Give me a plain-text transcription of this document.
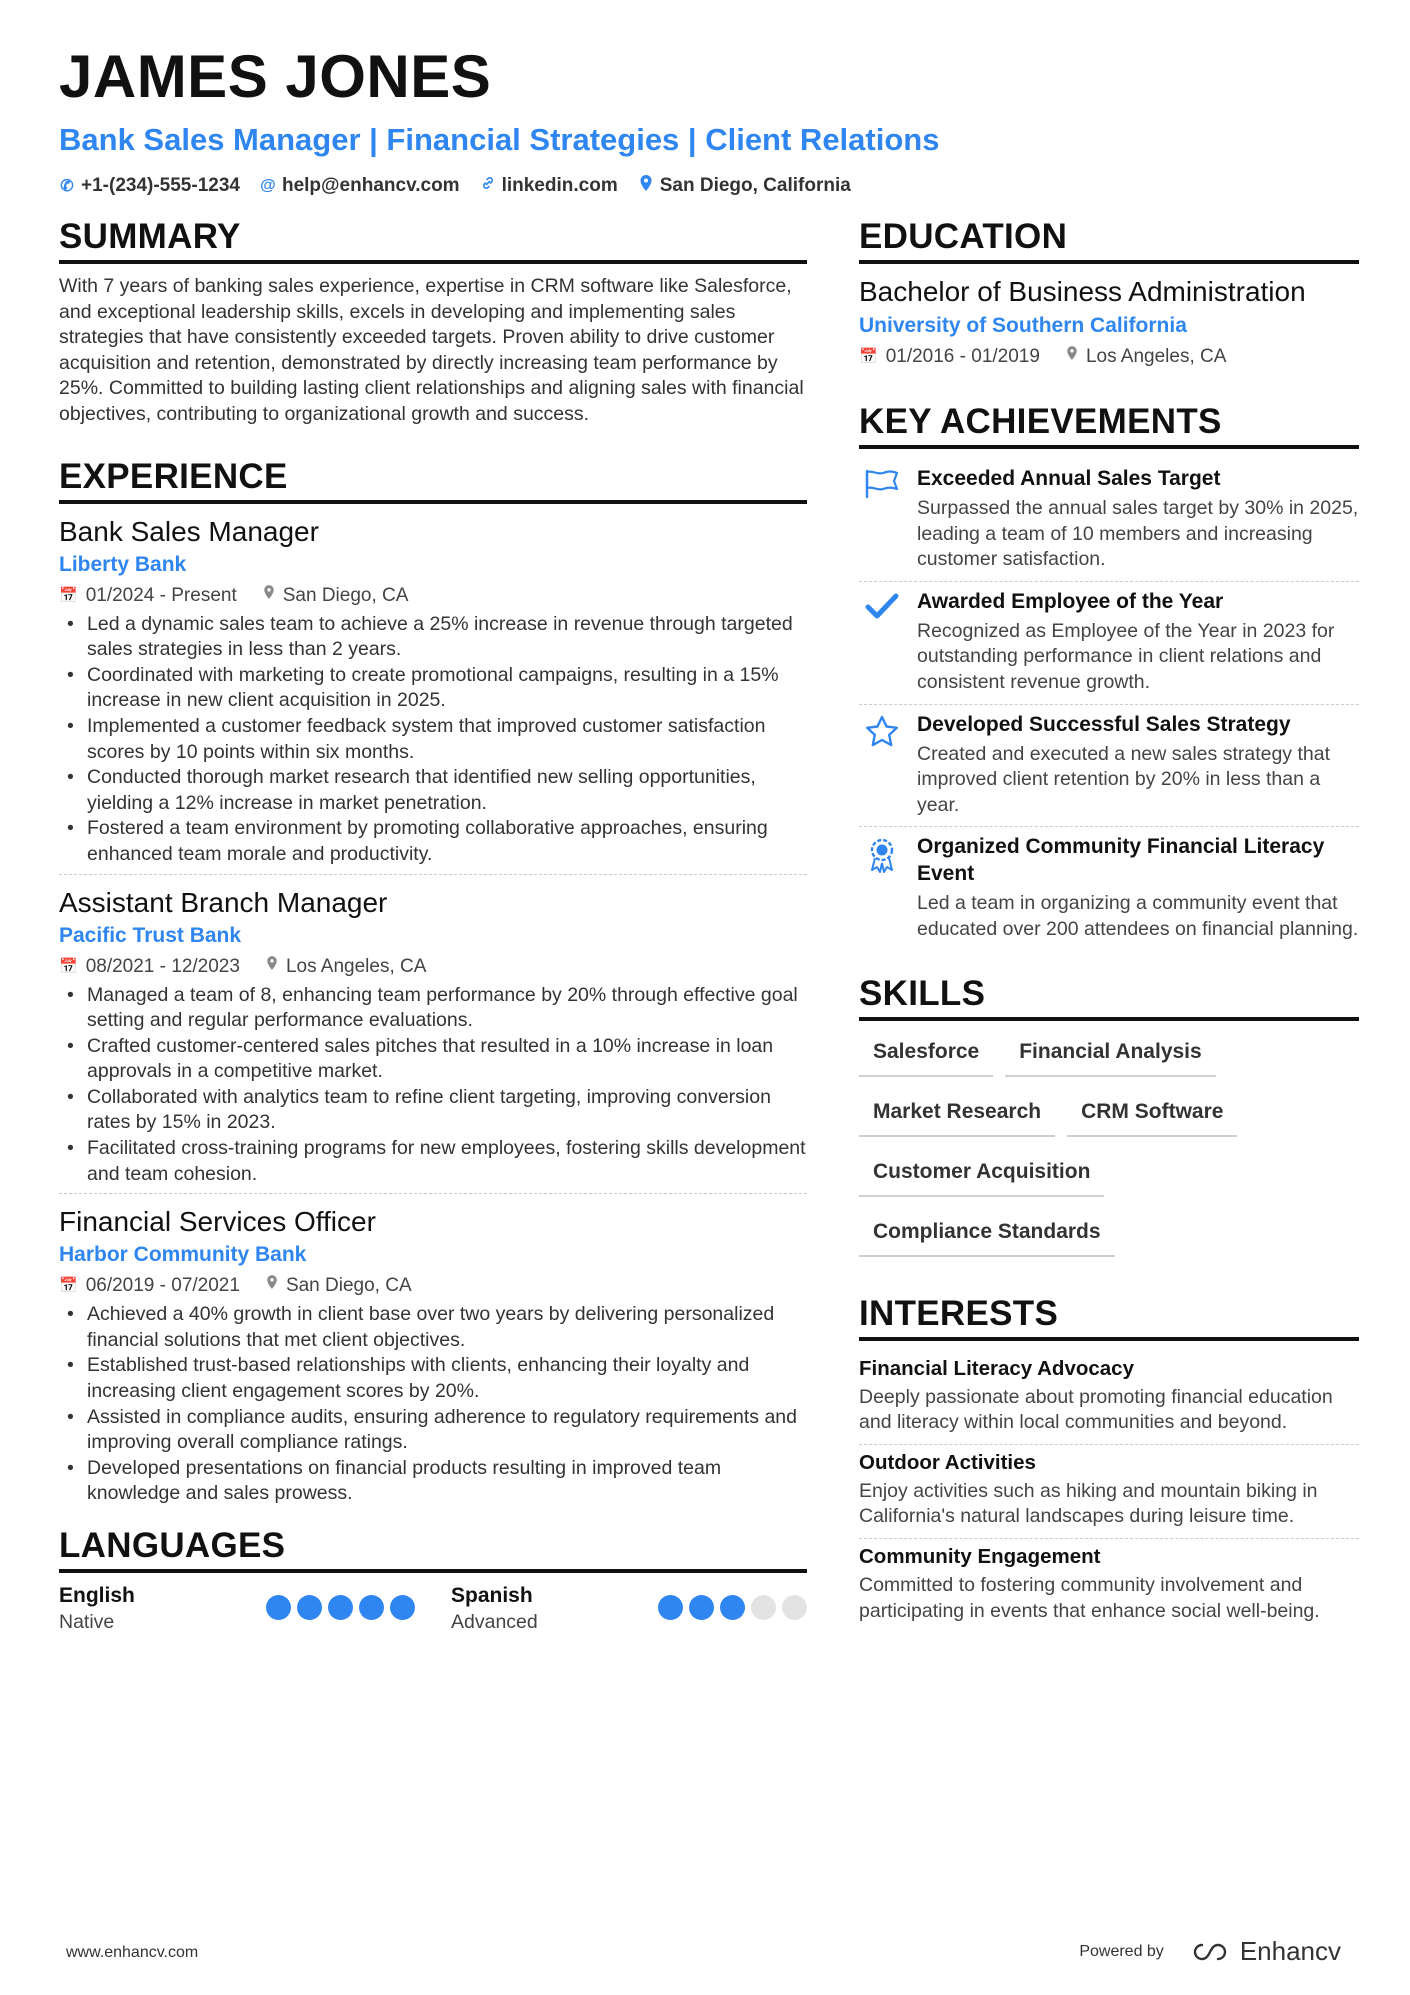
JAMES JONES
Bank Sales Manager | Financial Strategies | Client Relations
✆ +1-(234)-555-1234 @ help@enhancv.com linkedin.com San Diego, California
SUMMARY

With 7 years of banking sales experience, expertise in CRM software like Salesforce, and exceptional leadership skills, excels in developing and implementing sales strategies that have consistently exceeded targets. Proven ability to drive customer acquisition and retention, demonstrated by directly increasing team performance by 25%. Committed to building lasting client relationships and aligning sales with financial objectives, contributing to organizational growth and success.

EXPERIENCE
Bank Sales Manager
Liberty Bank
📅 01/2024 - Present San Diego, CA
• Led a dynamic sales team to achieve a 25% increase in revenue through targeted sales strategies in less than 2 years.
• Coordinated with marketing to create promotional campaigns, resulting in a 15% increase in new client acquisition in 2025.
• Implemented a customer feedback system that improved customer satisfaction scores by 10 points within six months.
• Conducted thorough market research that identified new selling opportunities, yielding a 12% increase in market penetration.
• Fostered a team environment by promoting collaborative approaches, ensuring enhanced team morale and productivity.
Assistant Branch Manager
Pacific Trust Bank
📅 08/2021 - 12/2023 Los Angeles, CA
• Managed a team of 8, enhancing team performance by 20% through effective goal setting and regular performance evaluations.
• Crafted customer-centered sales pitches that resulted in a 10% increase in loan approvals in a competitive market.
• Collaborated with analytics team to refine client targeting, improving conversion rates by 15% in 2023.
• Facilitated cross-training programs for new employees, fostering skills development and team cohesion.
Financial Services Officer
Harbor Community Bank
📅 06/2019 - 07/2021 San Diego, CA
• Achieved a 40% growth in client base over two years by delivering personalized financial solutions that met client objectives.
• Established trust-based relationships with clients, enhancing their loyalty and increasing client engagement scores by 20%.
• Assisted in compliance audits, ensuring adherence to regulatory requirements and improving overall compliance ratings.
• Developed presentations on financial products resulting in improved team knowledge and sales prowess.
LANGUAGES
English
Native
Spanish
Advanced
EDUCATION
Bachelor of Business Administration
University of Southern California
📅 01/2016 - 01/2019 Los Angeles, CA
KEY ACHIEVEMENTS
Exceeded Annual Sales Target
Surpassed the annual sales target by 30% in 2025, leading a team of 10 members and increasing customer satisfaction.
Awarded Employee of the Year
Recognized as Employee of the Year in 2023 for outstanding performance in client relations and consistent revenue growth.
Developed Successful Sales Strategy
Created and executed a new sales strategy that improved client retention by 20% in less than a year.
Organized Community Financial Literacy Event
Led a team in organizing a community event that educated over 200 attendees on financial planning.
SKILLS
Salesforce	Financial Analysis
Market Research	CRM Software
Customer Acquisition
Compliance Standards
INTERESTS
Financial Literacy Advocacy
Deeply passionate about promoting financial education and literacy within local communities and beyond.
Outdoor Activities
Enjoy activities such as hiking and mountain biking in California's natural landscapes during leisure time.
Community Engagement
Committed to fostering community involvement and participating in events that enhance social well-being.
www.enhancv.com	Powered by	Enhancv
